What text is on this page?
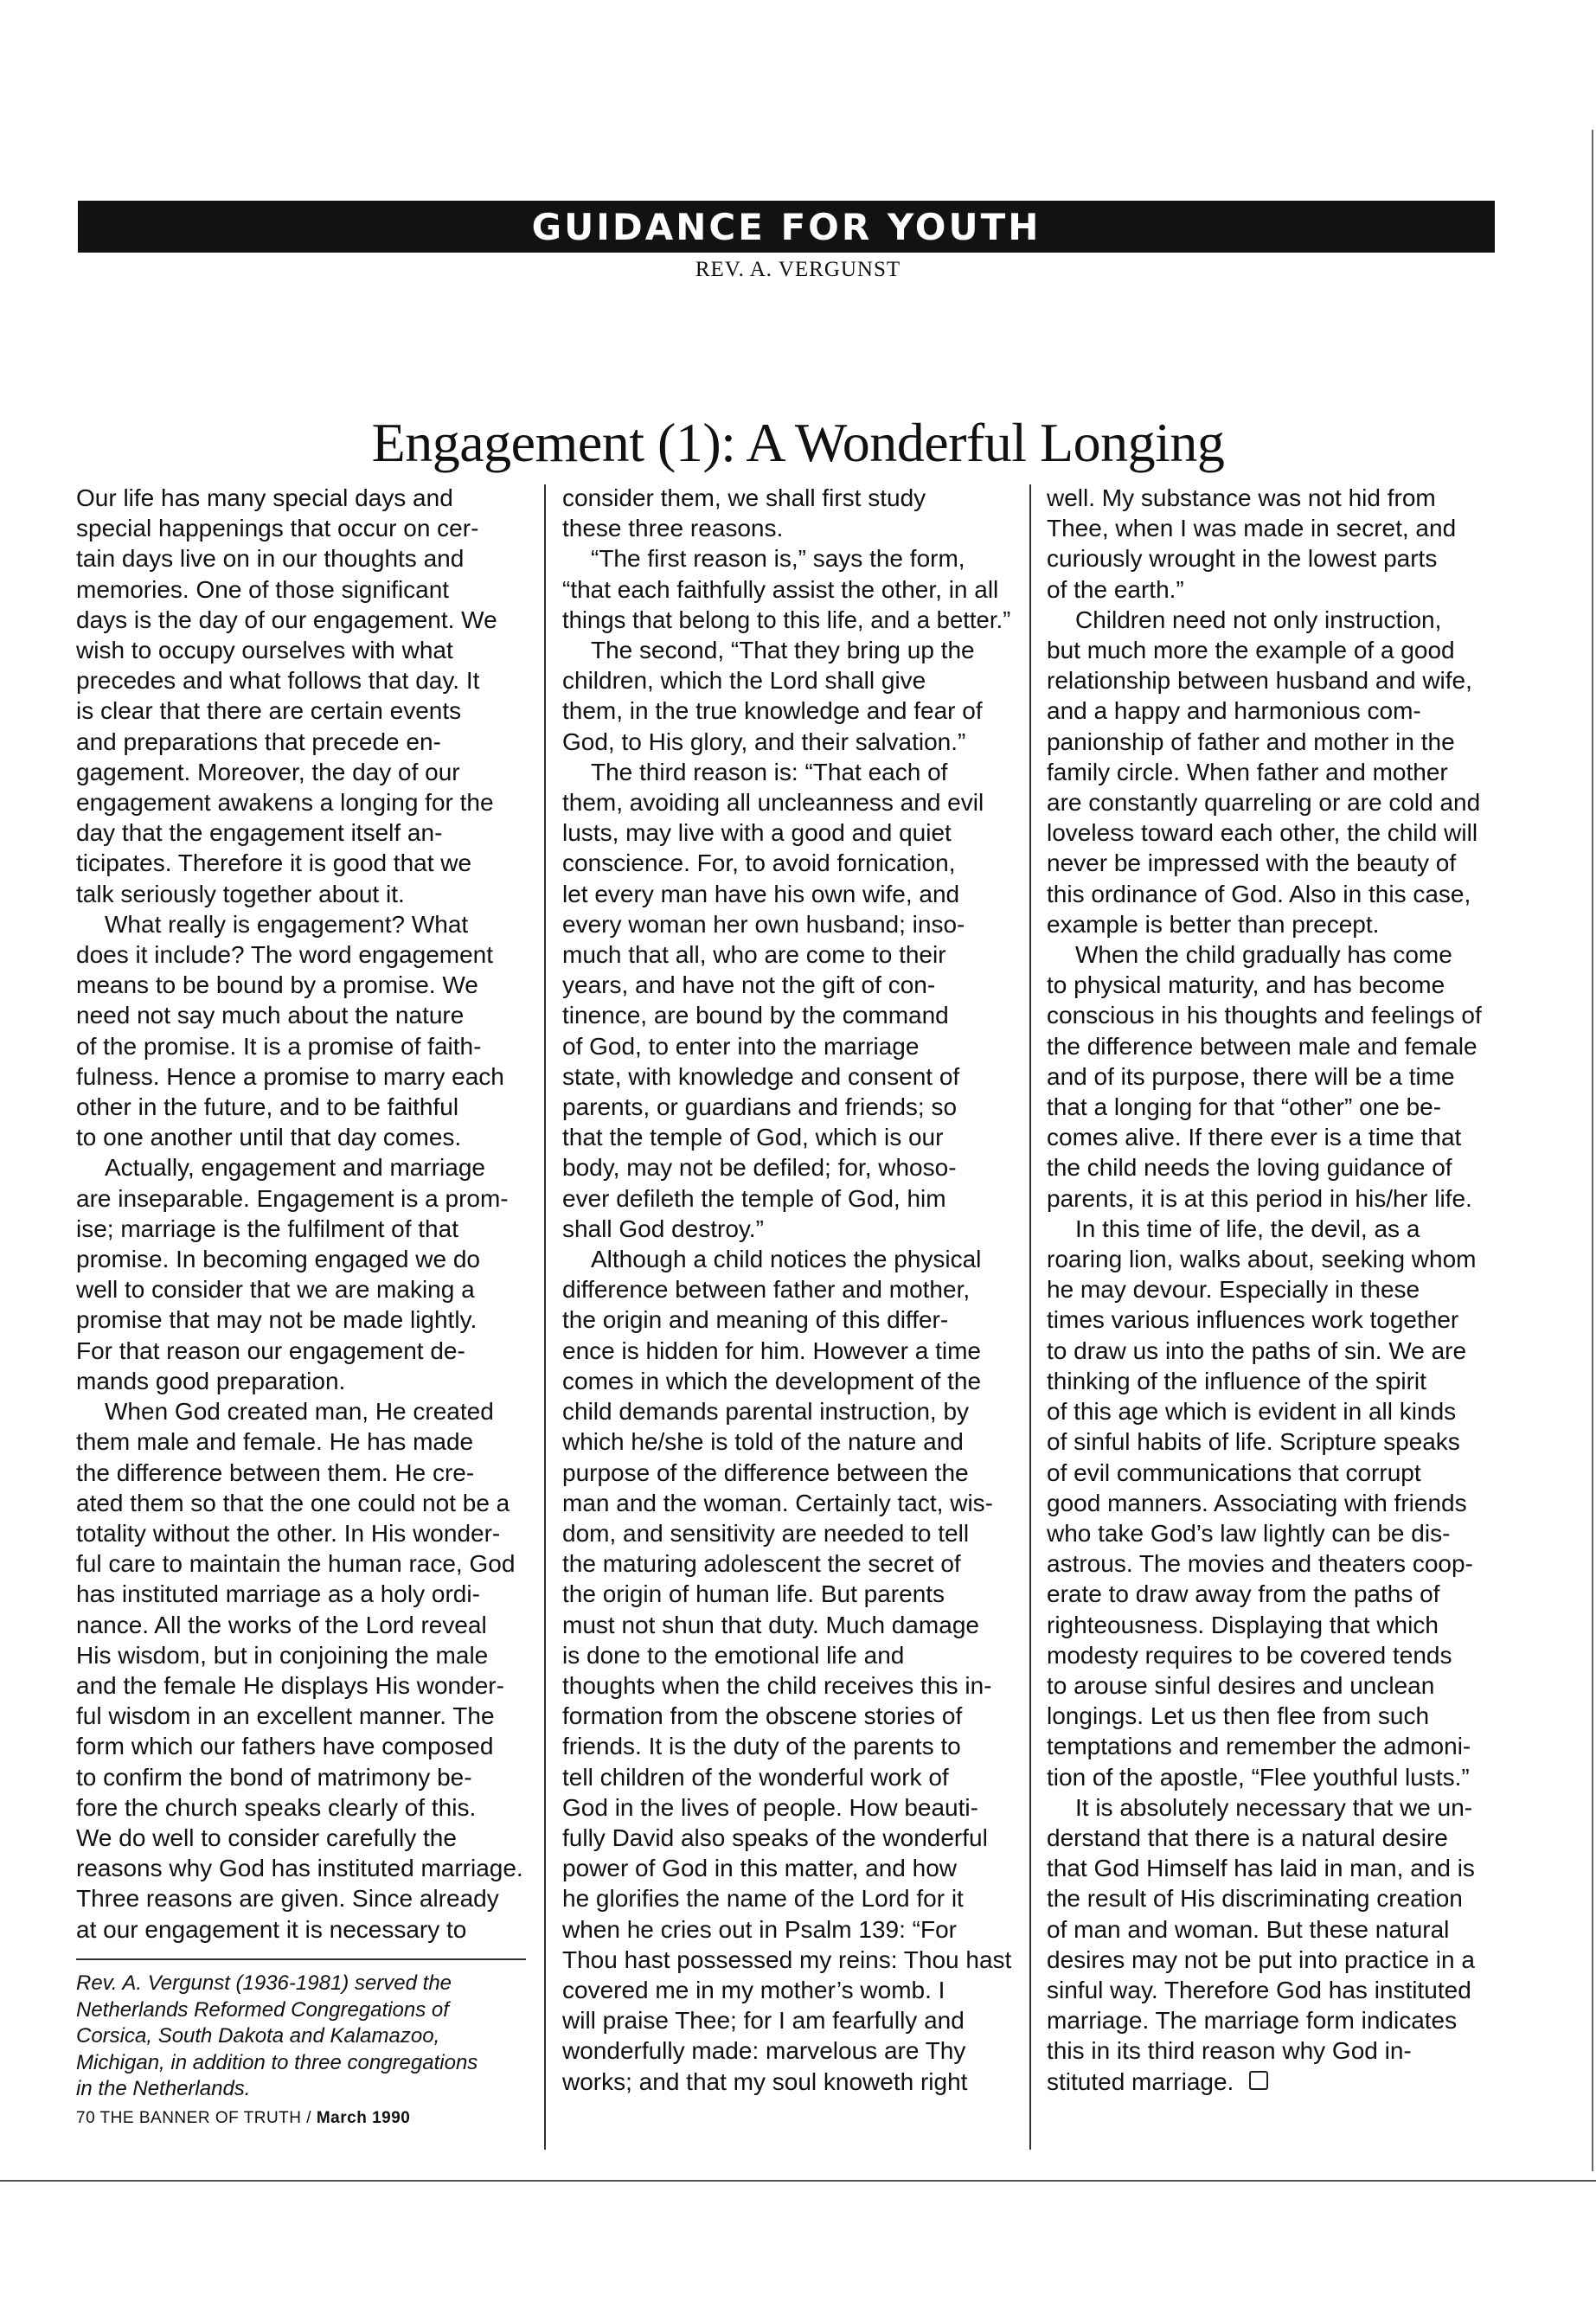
GUIDANCE FOR YOUTH
REV. A. VERGUNST
Engagement (1): A Wonderful Longing

Our life has many special days and

special happenings that occur on cer-

tain days live on in our thoughts and

memories. One of those significant

days is the day of our engagement. We

wish to occupy ourselves with what

precedes and what follows that day. It

is clear that there are certain events

and preparations that precede en-

gagement. Moreover, the day of our

engagement awakens a longing for the

day that the engagement itself an-

ticipates. Therefore it is good that we

talk seriously together about it.

What really is engagement? What

does it include? The word engagement

means to be bound by a promise. We

need not say much about the nature

of the promise. It is a promise of faith-

fulness. Hence a promise to marry each

other in the future, and to be faithful

to one another until that day comes.

Actually, engagement and marriage

are inseparable. Engagement is a prom-

ise; marriage is the fulfilment of that

promise. In becoming engaged we do

well to consider that we are making a

promise that may not be made lightly.

For that reason our engagement de-

mands good preparation.

When God created man, He created

them male and female. He has made

the difference between them. He cre-

ated them so that the one could not be a

totality without the other. In His wonder-

ful care to maintain the human race, God

has instituted marriage as a holy ordi-

nance. All the works of the Lord reveal

His wisdom, but in conjoining the male

and the female He displays His wonder-

ful wisdom in an excellent manner. The

form which our fathers have composed

to confirm the bond of matrimony be-

fore the church speaks clearly of this.

We do well to consider carefully the

reasons why God has instituted marriage.

Three reasons are given. Since already

at our engagement it is necessary to

consider them, we shall first study

these three reasons.

“The first reason is,” says the form,

“that each faithfully assist the other, in all

things that belong to this life, and a better.”

The second, “That they bring up the

children, which the Lord shall give

them, in the true knowledge and fear of

God, to His glory, and their salvation.”

The third reason is: “That each of

them, avoiding all uncleanness and evil

lusts, may live with a good and quiet

conscience. For, to avoid fornication,

let every man have his own wife, and

every woman her own husband; inso-

much that all, who are come to their

years, and have not the gift of con-

tinence, are bound by the command

of God, to enter into the marriage

state, with knowledge and consent of

parents, or guardians and friends; so

that the temple of God, which is our

body, may not be defiled; for, whoso-

ever defileth the temple of God, him

shall God destroy.”

Although a child notices the physical

difference between father and mother,

the origin and meaning of this differ-

ence is hidden for him. However a time

comes in which the development of the

child demands parental instruction, by

which he/she is told of the nature and

purpose of the difference between the

man and the woman. Certainly tact, wis-

dom, and sensitivity are needed to tell

the maturing adolescent the secret of

the origin of human life. But parents

must not shun that duty. Much damage

is done to the emotional life and

thoughts when the child receives this in-

formation from the obscene stories of

friends. It is the duty of the parents to

tell children of the wonderful work of

God in the lives of people. How beauti-

fully David also speaks of the wonderful

power of God in this matter, and how

he glorifies the name of the Lord for it

when he cries out in Psalm 139: “For

Thou hast possessed my reins: Thou hast

covered me in my mother’s womb. I

will praise Thee; for I am fearfully and

wonderfully made: marvelous are Thy

works; and that my soul knoweth right

well. My substance was not hid from

Thee, when I was made in secret, and

curiously wrought in the lowest parts

of the earth.”

Children need not only instruction,

but much more the example of a good

relationship between husband and wife,

and a happy and harmonious com-

panionship of father and mother in the

family circle. When father and mother

are constantly quarreling or are cold and

loveless toward each other, the child will

never be impressed with the beauty of

this ordinance of God. Also in this case,

example is better than precept.

When the child gradually has come

to physical maturity, and has become

conscious in his thoughts and feelings of

the difference between male and female

and of its purpose, there will be a time

that a longing for that “other” one be-

comes alive. If there ever is a time that

the child needs the loving guidance of

parents, it is at this period in his/her life.

In this time of life, the devil, as a

roaring lion, walks about, seeking whom

he may devour. Especially in these

times various influences work together

to draw us into the paths of sin. We are

thinking of the influence of the spirit

of this age which is evident in all kinds

of sinful habits of life. Scripture speaks

of evil communications that corrupt

good manners. Associating with friends

who take God’s law lightly can be dis-

astrous. The movies and theaters coop-

erate to draw away from the paths of

righteousness. Displaying that which

modesty requires to be covered tends

to arouse sinful desires and unclean

longings. Let us then flee from such

temptations and remember the admoni-

tion of the apostle, “Flee youthful lusts.”

It is absolutely necessary that we un-

derstand that there is a natural desire

that God Himself has laid in man, and is

the result of His discriminating creation

of man and woman. But these natural

desires may not be put into practice in a

sinful way. Therefore God has instituted

marriage. The marriage form indicates

this in its third reason why God in-

stituted marriage.

Rev. A. Vergunst (1936-1981) served the
Netherlands Reformed Congregations of
Corsica, South Dakota and Kalamazoo,
Michigan, in addition to three congregations
in the Netherlands.
70 THE BANNER OF TRUTH / March 1990
